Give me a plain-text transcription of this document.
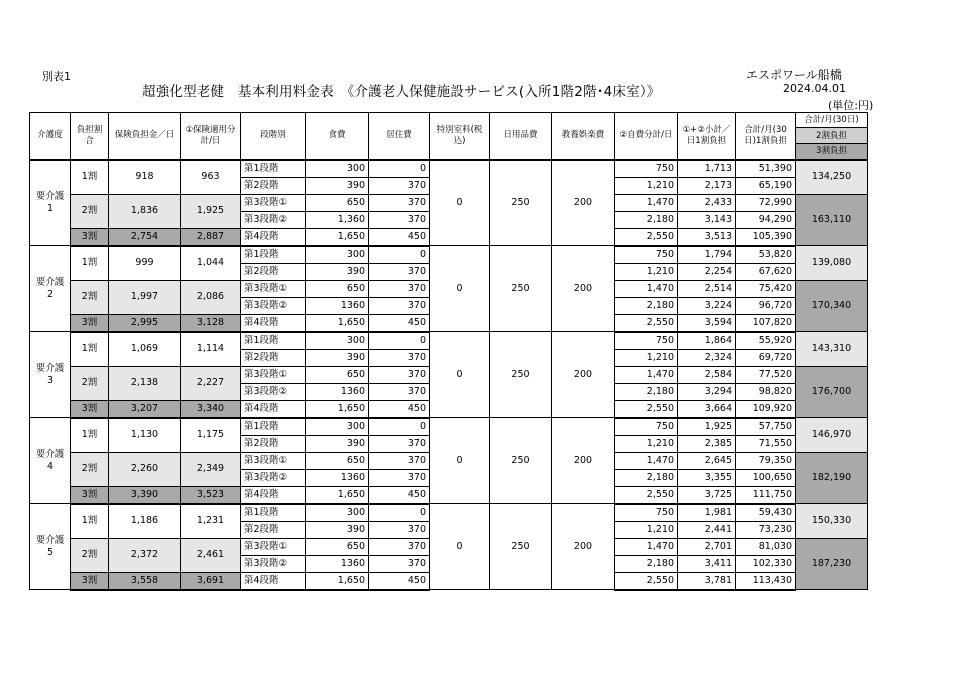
別表1
超強化型老健　基本利用料金表　《介護老人保健施設サービス(入所1階2階･4床室）》
エスポワール船橋
2024.04.01
(単位:円)
介護度	負担割合	保険負担金／日	①保険適用分計/日	段階別	食費	居住費	特別室料(税込)	日用品費	教養娯楽費	②自費分計/日	①+②小計／日1割負担	合計/月(30日)1割負担	合計/月(30日)
													2割負担
													3割負担
要介護
1	1割	918	963	第1段階	300	0	0	250	200	750	1,713	51,390	134,250
				第2段階	390	370				1,210	2,173	65,190	
	2割	1,836	1,925	第3段階①	650	370				1,470	2,433	72,990	163,110
				第3段階②	1,360	370				2,180	3,143	94,290	
	3割	2,754	2,887	第4段階	1,650	450				2,550	3,513	105,390	
要介護
2	1割	999	1,044	第1段階	300	0	0	250	200	750	1,794	53,820	139,080
				第2段階	390	370				1,210	2,254	67,620	
	2割	1,997	2,086	第3段階①	650	370				1,470	2,514	75,420	170,340
				第3段階②	1360	370				2,180	3,224	96,720	
	3割	2,995	3,128	第4段階	1,650	450				2,550	3,594	107,820	
要介護
3	1割	1,069	1,114	第1段階	300	0	0	250	200	750	1,864	55,920	143,310
				第2段階	390	370				1,210	2,324	69,720	
	2割	2,138	2,227	第3段階①	650	370				1,470	2,584	77,520	176,700
				第3段階②	1360	370				2,180	3,294	98,820	
	3割	3,207	3,340	第4段階	1,650	450				2,550	3,664	109,920	
要介護
4	1割	1,130	1,175	第1段階	300	0	0	250	200	750	1,925	57,750	146,970
				第2段階	390	370				1,210	2,385	71,550	
	2割	2,260	2,349	第3段階①	650	370				1,470	2,645	79,350	182,190
				第3段階②	1360	370				2,180	3,355	100,650	
	3割	3,390	3,523	第4段階	1,650	450				2,550	3,725	111,750	
要介護
5	1割	1,186	1,231	第1段階	300	0	0	250	200	750	1,981	59,430	150,330
				第2段階	390	370				1,210	2,441	73,230	
	2割	2,372	2,461	第3段階①	650	370				1,470	2,701	81,030	187,230
				第3段階②	1360	370				2,180	3,411	102,330	
	3割	3,558	3,691	第4段階	1,650	450				2,550	3,781	113,430	
